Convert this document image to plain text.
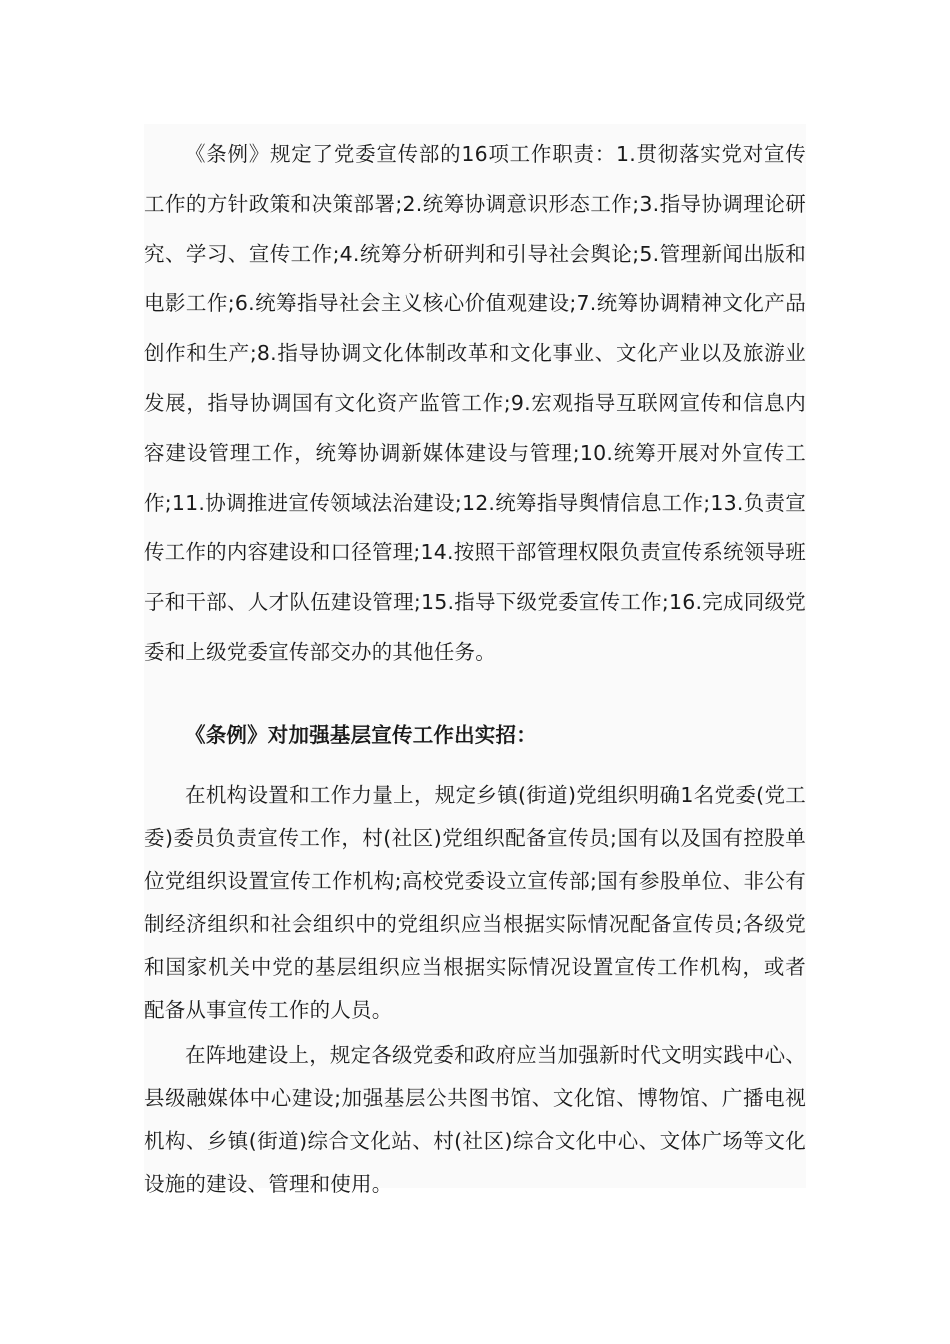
《条例》规定了党委宣传部的16项工作职责：1.贯彻落实党对宣传工作的方针政策和决策部署;2.统筹协调意识形态工作;3.指导协调理论研究、学习、宣传工作;4.统筹分析研判和引导社会舆论;5.管理新闻出版和电影工作;6.统筹指导社会主义核心价值观建设;7.统筹协调精神文化产品创作和生产;8.指导协调文化体制改革和文化事业、文化产业以及旅游业发展，指导协调国有文化资产监管工作;9.宏观指导互联网宣传和信息内容建设管理工作，统筹协调新媒体建设与管理;10.统筹开展对外宣传工作;11.协调推进宣传领域法治建设;12.统筹指导舆情信息工作;13.负责宣传工作的内容建设和口径管理;14.按照干部管理权限负责宣传系统领导班子和干部、人才队伍建设管理;15.指导下级党委宣传工作;16.完成同级党委和上级党委宣传部交办的其他任务。

《条例》对加强基层宣传工作出实招：

在机构设置和工作力量上，规定乡镇(街道)党组织明确1名党委(党工委)委员负责宣传工作，村(社区)党组织配备宣传员;国有以及国有控股单位党组织设置宣传工作机构;高校党委设立宣传部;国有参股单位、非公有制经济组织和社会组织中的党组织应当根据实际情况配备宣传员;各级党和国家机关中党的基层组织应当根据实际情况设置宣传工作机构，或者配备从事宣传工作的人员。

在阵地建设上，规定各级党委和政府应当加强新时代文明实践中心、县级融媒体中心建设;加强基层公共图书馆、文化馆、博物馆、广播电视机构、乡镇(街道)综合文化站、村(社区)综合文化中心、文体广场等文化设施的建设、管理和使用。
